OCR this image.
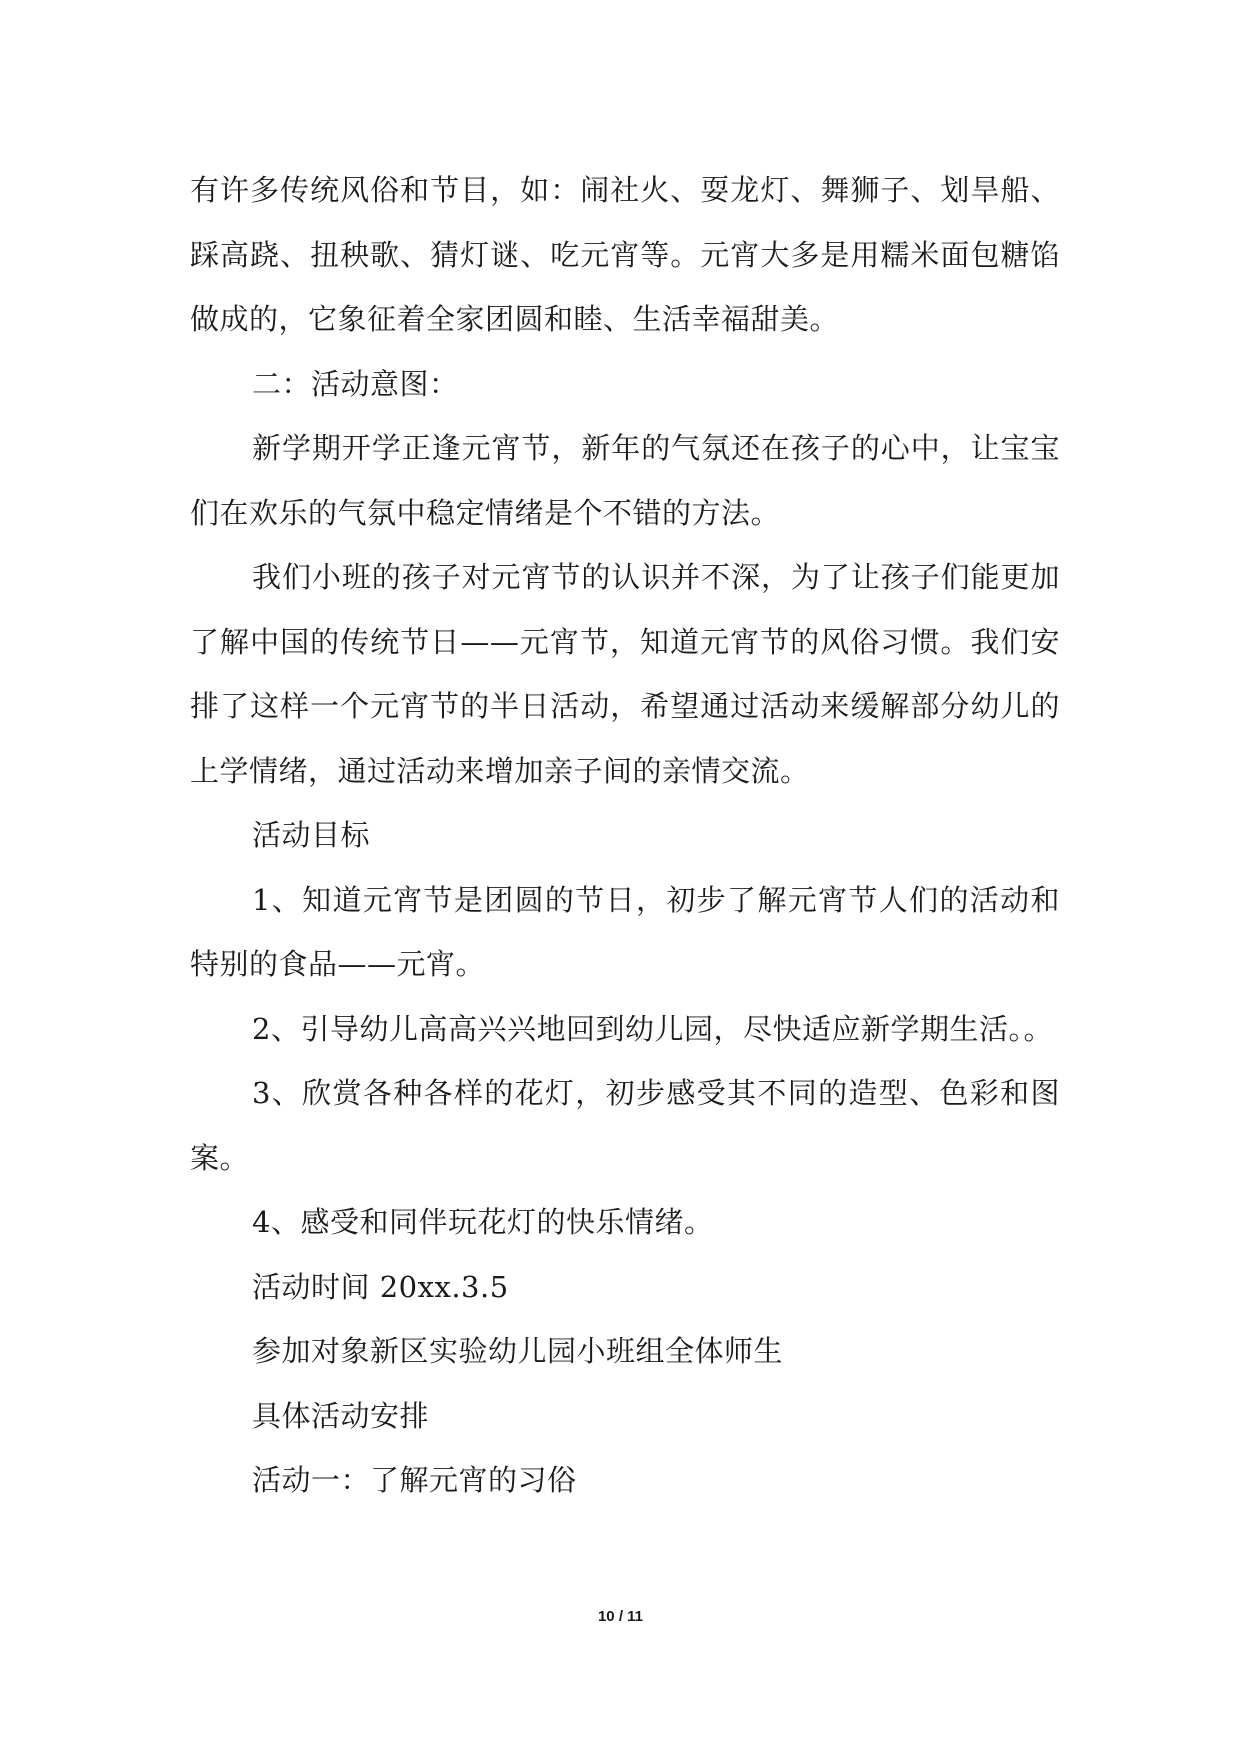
有许多传统风俗和节目，如：闹社火、耍龙灯、舞狮子、划旱船、踩高跷、扭秧歌、猜灯谜、吃元宵等。元宵大多是用糯米面包糖馅做成的，它象征着全家团圆和睦、生活幸福甜美。

二：活动意图：

新学期开学正逢元宵节，新年的气氛还在孩子的心中，让宝宝们在欢乐的气氛中稳定情绪是个不错的方法。

我们小班的孩子对元宵节的认识并不深，为了让孩子们能更加了解中国的传统节日——元宵节，知道元宵节的风俗习惯。我们安排了这样一个元宵节的半日活动，希望通过活动来缓解部分幼儿的上学情绪，通过活动来增加亲子间的亲情交流。

活动目标

1、知道元宵节是团圆的节日，初步了解元宵节人们的活动和特别的食品——元宵。

2、引导幼儿高高兴兴地回到幼儿园，尽快适应新学期生活。。

3、欣赏各种各样的花灯，初步感受其不同的造型、色彩和图案。

4、感受和同伴玩花灯的快乐情绪。

活动时间 20xx.3.5

参加对象新区实验幼儿园小班组全体师生

具体活动安排

活动一：了解元宵的习俗

10 / 11
